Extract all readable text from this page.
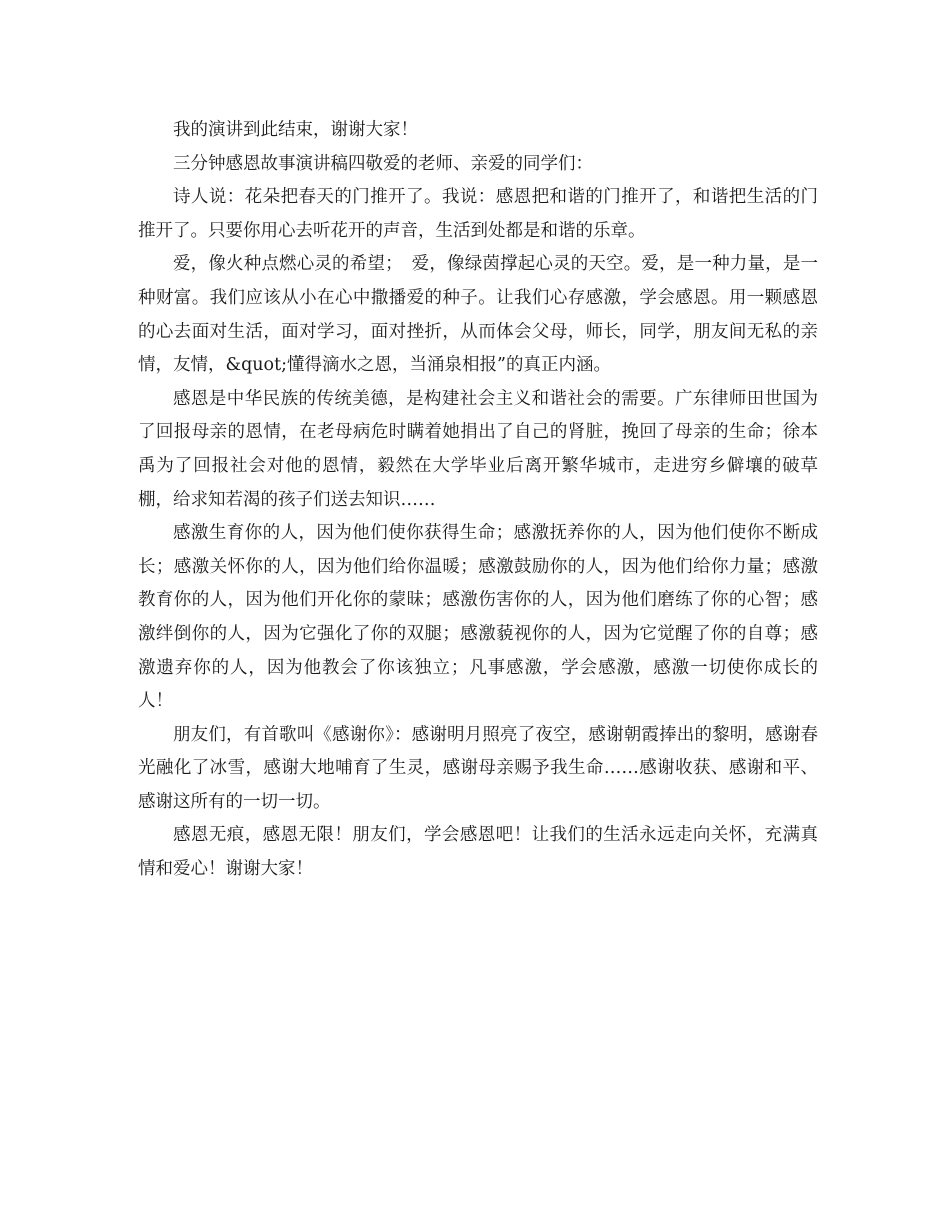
我的演讲到此结束，谢谢大家！

三分钟感恩故事演讲稿四敬爱的老师、亲爱的同学们：

诗人说：花朵把春天的门推开了。我说：感恩把和谐的门推开了，和谐把生活的门推开了。只要你用心去听花开的声音，生活到处都是和谐的乐章。

爱，像火种点燃心灵的希望；　爱，像绿茵撑起心灵的天空。爱，是一种力量，是一种财富。我们应该从小在心中撒播爱的种子。让我们心存感激，学会感恩。用一颗感恩的心去面对生活，面对学习，面对挫折，从而体会父母，师长，同学，朋友间无私的亲情，友情，&quot;懂得滴水之恩，当涌泉相报”的真正内涵。

感恩是中华民族的传统美德，是构建社会主义和谐社会的需要。广东律师田世国为了回报母亲的恩情，在老母病危时瞒着她捐出了自己的肾脏，挽回了母亲的生命；徐本禹为了回报社会对他的恩情，毅然在大学毕业后离开繁华城市，走进穷乡僻壤的破草棚，给求知若渴的孩子们送去知识……

感激生育你的人，因为他们使你获得生命；感激抚养你的人，因为他们使你不断成长；感激关怀你的人，因为他们给你温暖；感激鼓励你的人，因为他们给你力量；感激教育你的人，因为他们开化你的蒙昧；感激伤害你的人，因为他们磨练了你的心智；感激绊倒你的人，因为它强化了你的双腿；感激藐视你的人，因为它觉醒了你的自尊；感激遗弃你的人，因为他教会了你该独立；凡事感激，学会感激，感激一切使你成长的人！

朋友们，有首歌叫《感谢你》：感谢明月照亮了夜空，感谢朝霞捧出的黎明，感谢春光融化了冰雪，感谢大地哺育了生灵，感谢母亲赐予我生命……感谢收获、感谢和平、感谢这所有的一切一切。

感恩无痕，感恩无限！朋友们，学会感恩吧！让我们的生活永远走向关怀，充满真情和爱心！谢谢大家！
